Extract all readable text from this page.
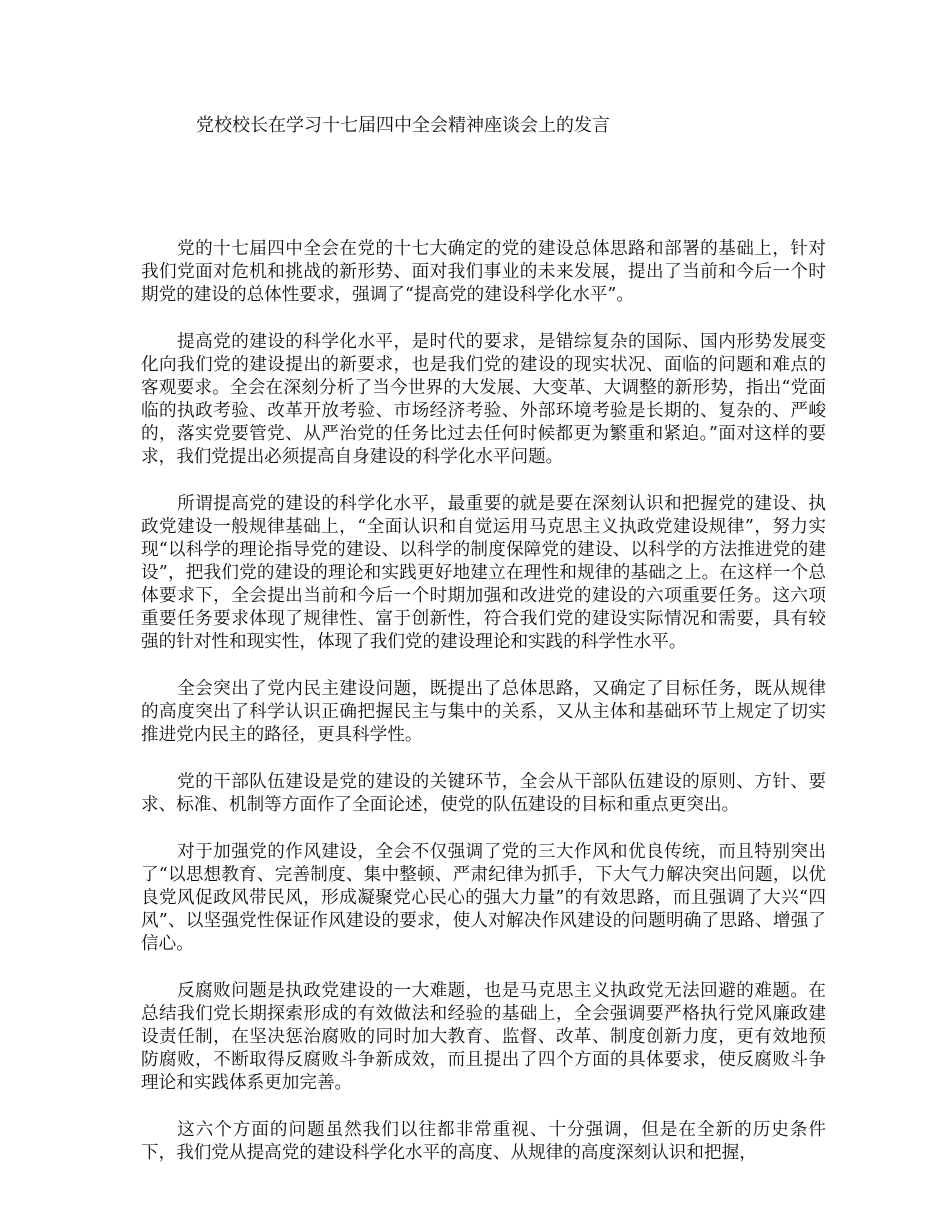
党校校长在学习十七届四中全会精神座谈会上的发言

党的十七届四中全会在党的十七大确定的党的建设总体思路和部署的基础上，针对我们党面对危机和挑战的新形势、面对我们事业的未来发展，提出了当前和今后一个时期党的建设的总体性要求，强调了“提高党的建设科学化水平”。

提高党的建设的科学化水平，是时代的要求，是错综复杂的国际、国内形势发展变化向我们党的建设提出的新要求，也是我们党的建设的现实状况、面临的问题和难点的客观要求。全会在深刻分析了当今世界的大发展、大变革、大调整的新形势，指出“党面临的执政考验、改革开放考验、市场经济考验、外部环境考验是长期的、复杂的、严峻的，落实党要管党、从严治党的任务比过去任何时候都更为繁重和紧迫。”面对这样的要求，我们党提出必须提高自身建设的科学化水平问题。

所谓提高党的建设的科学化水平，最重要的就是要在深刻认识和把握党的建设、执政党建设一般规律基础上，“全面认识和自觉运用马克思主义执政党建设规律”，努力实现“以科学的理论指导党的建设、以科学的制度保障党的建设、以科学的方法推进党的建设”，把我们党的建设的理论和实践更好地建立在理性和规律的基础之上。在这样一个总体要求下，全会提出当前和今后一个时期加强和改进党的建设的六项重要任务。这六项重要任务要求体现了规律性、富于创新性，符合我们党的建设实际情况和需要，具有较强的针对性和现实性，体现了我们党的建设理论和实践的科学性水平。

全会突出了党内民主建设问题，既提出了总体思路，又确定了目标任务，既从规律的高度突出了科学认识正确把握民主与集中的关系，又从主体和基础环节上规定了切实推进党内民主的路径，更具科学性。

党的干部队伍建设是党的建设的关键环节，全会从干部队伍建设的原则、方针、要求、标准、机制等方面作了全面论述，使党的队伍建设的目标和重点更突出。

对于加强党的作风建设，全会不仅强调了党的三大作风和优良传统，而且特别突出了“以思想教育、完善制度、集中整顿、严肃纪律为抓手，下大气力解决突出问题，以优良党风促政风带民风，形成凝聚党心民心的强大力量”的有效思路，而且强调了大兴“四风”、以坚强党性保证作风建设的要求，使人对解决作风建设的问题明确了思路、增强了信心。

反腐败问题是执政党建设的一大难题，也是马克思主义执政党无法回避的难题。在总结我们党长期探索形成的有效做法和经验的基础上，全会强调要严格执行党风廉政建设责任制，在坚决惩治腐败的同时加大教育、监督、改革、制度创新力度，更有效地预防腐败，不断取得反腐败斗争新成效，而且提出了四个方面的具体要求，使反腐败斗争理论和实践体系更加完善。

这六个方面的问题虽然我们以往都非常重视、十分强调，但是在全新的历史条件下，我们党从提高党的建设科学化水平的高度、从规律的高度深刻认识和把握，
